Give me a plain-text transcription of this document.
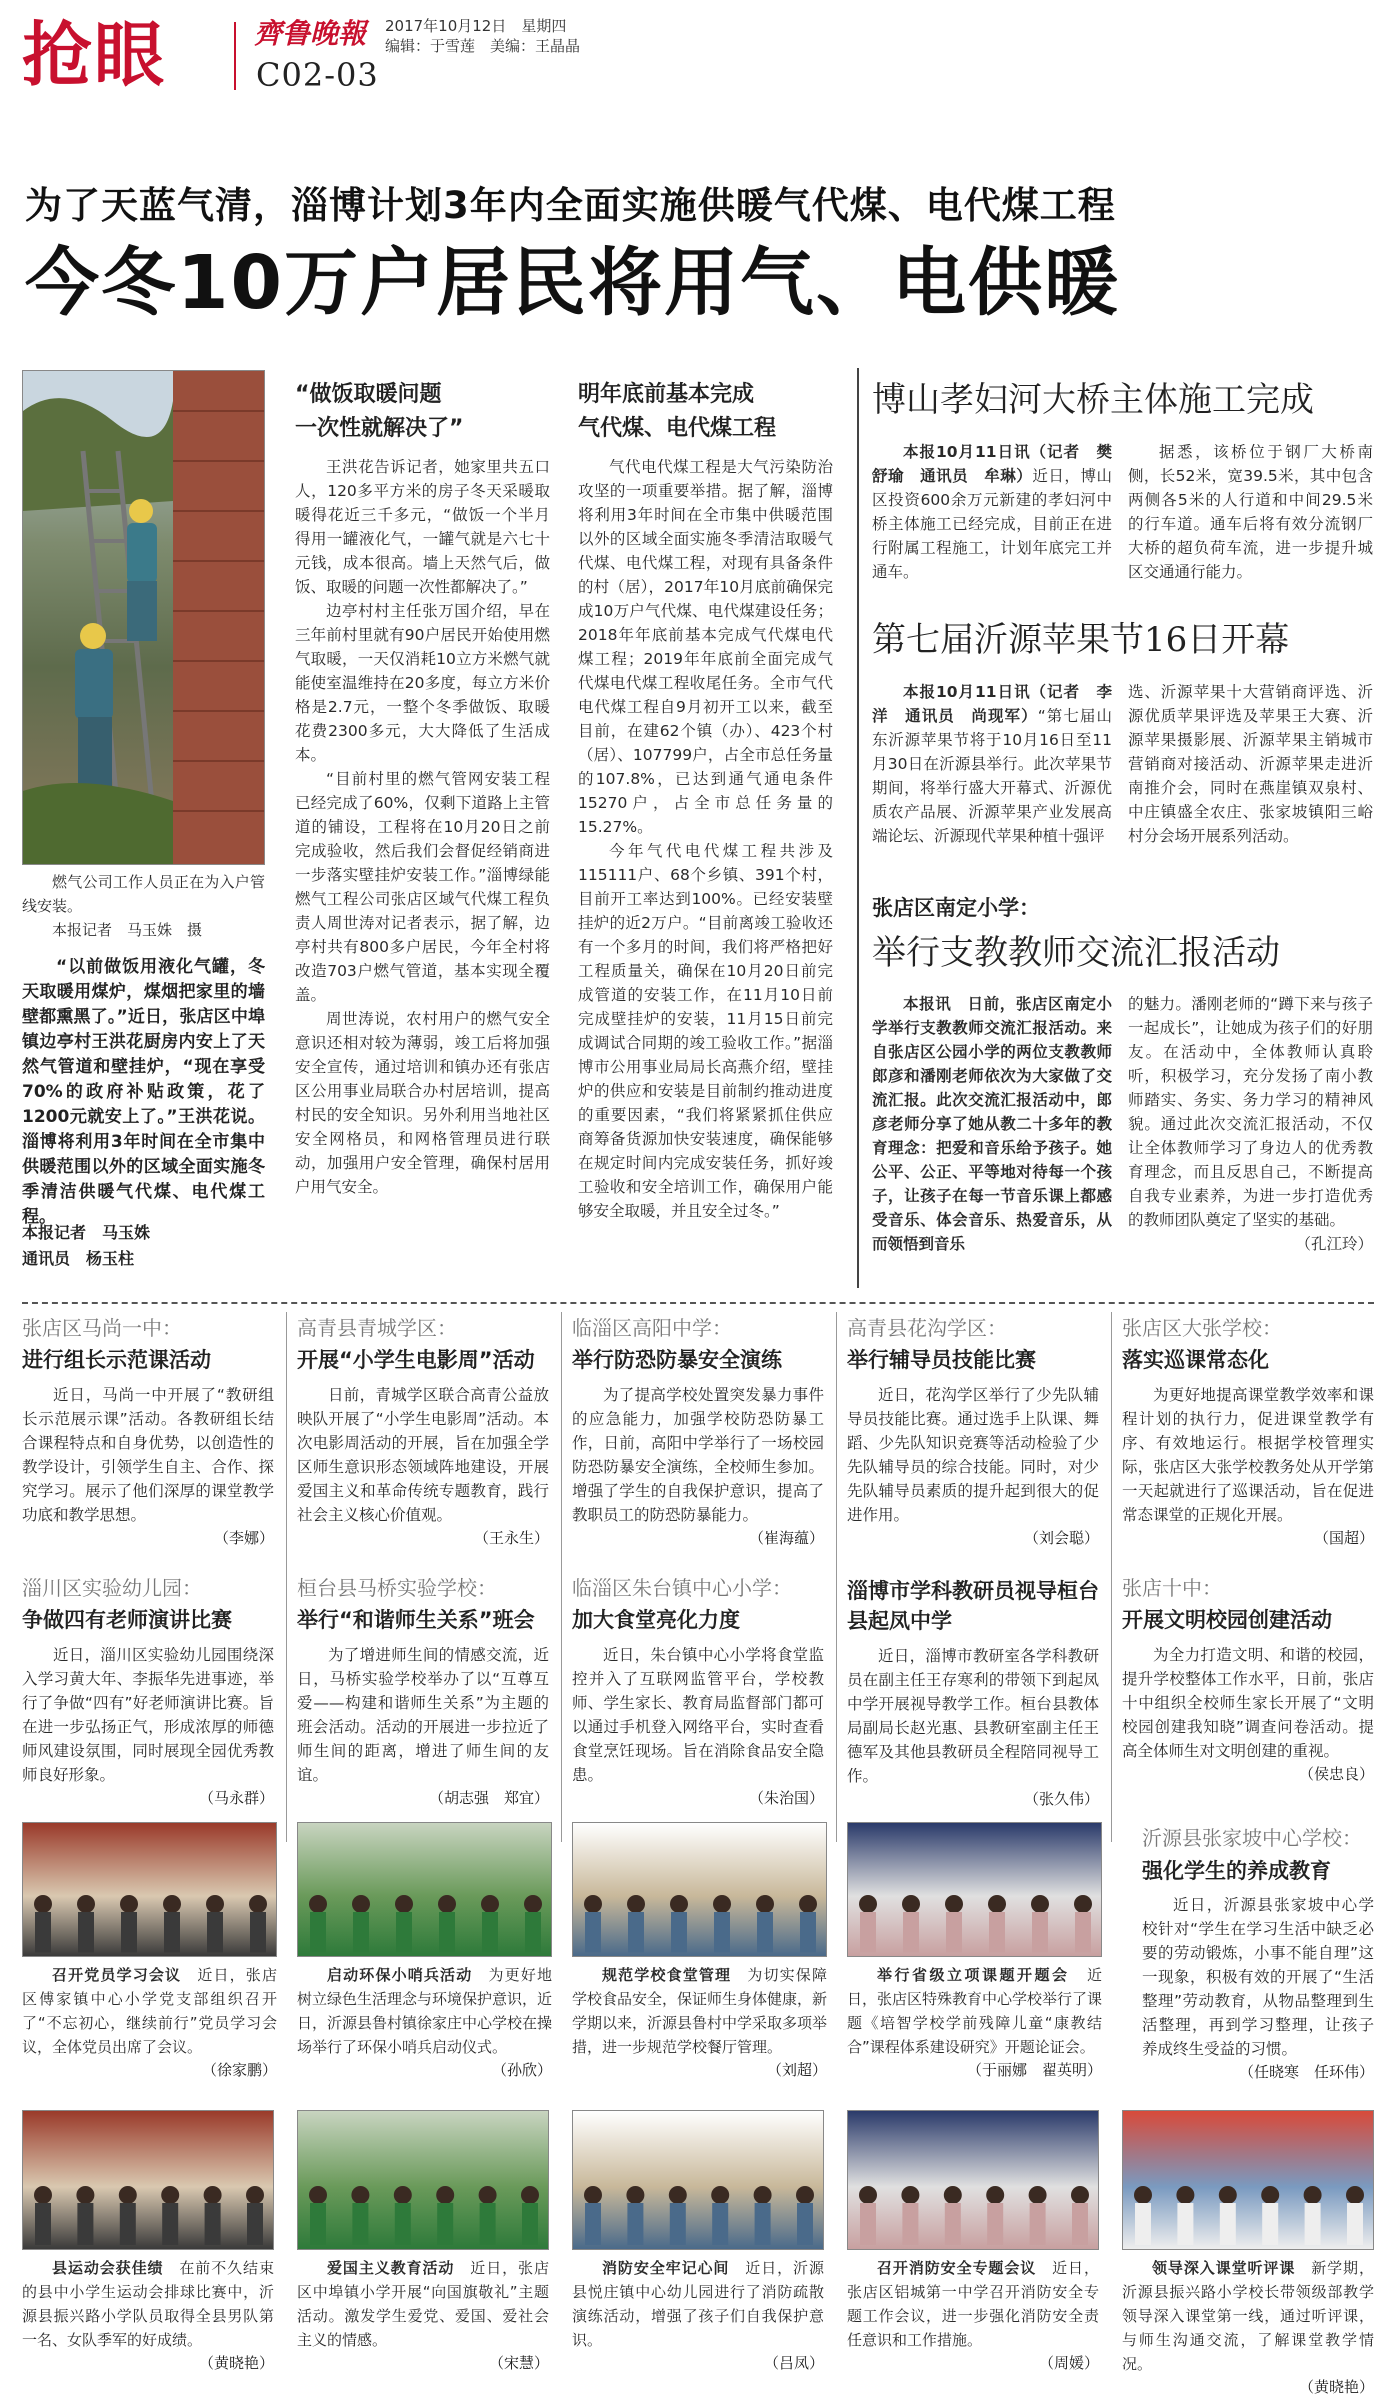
抢眼	齊鲁晚報
C02-03
2017年10月12日　 星期四
编辑：于雪莲　 美编：王晶晶
为了天蓝气清，淄博计划3年内全面实施供暖气代煤、电代煤工程
今冬10万户居民将用气、电供暖

燃气公司工作人员正在为入户管线安装。

本报记者　马玉姝　摄

“以前做饭用液化气罐，冬天取暖用煤炉，煤烟把家里的墙壁都熏黑了。”近日，张店区中埠镇边亭村王洪花厨房内安上了天然气管道和壁挂炉，“现在享受70%的政府补贴政策，花了1200元就安上了。”王洪花说。淄博将利用3年时间在全市集中供暖范围以外的区域全面实施冬季清洁供暖气代煤、电代煤工程。
本报记者　马玉姝
通讯员　杨玉柱
“做饭取暖问题
一次性就解决了”

王洪花告诉记者，她家里共五口人，120多平方米的房子冬天采暖取暖得花近三千多元，“做饭一个半月得用一罐液化气，一罐气就是六七十元钱，成本很高。墙上天然气后，做饭、取暖的问题一次性都解决了。”

边亭村村主任张万国介绍，早在三年前村里就有90户居民开始使用燃气取暖，一天仅消耗10立方米燃气就能使室温维持在20多度，每立方米价格是2.7元，一整个冬季做饭、取暖花费2300多元，大大降低了生活成本。

“目前村里的燃气管网安装工程已经完成了60%，仅剩下道路上主管道的铺设，工程将在10月20日之前完成验收，然后我们会督促经销商进一步落实壁挂炉安装工作。”淄博绿能燃气工程公司张店区域气代煤工程负责人周世涛对记者表示，据了解，边亭村共有800多户居民，今年全村将改造703户燃气管道，基本实现全覆盖。

周世涛说，农村用户的燃气安全意识还相对较为薄弱，竣工后将加强安全宣传，通过培训和镇办还有张店区公用事业局联合办村居培训，提高村民的安全知识。另外利用当地社区安全网格员，和网格管理员进行联动，加强用户安全管理，确保村居用户用气安全。

明年底前基本完成
气代煤、电代煤工程

气代电代煤工程是大气污染防治攻坚的一项重要举措。据了解，淄博将利用3年时间在全市集中供暖范围以外的区域全面实施冬季清洁取暖气代煤、电代煤工程，对现有具备条件的村（居），2017年10月底前确保完成10万户气代煤、电代煤建设任务；2018年年底前基本完成气代煤电代煤工程；2019年年底前全面完成气代煤电代煤工程收尾任务。全市气代电代煤工程自9月初开工以来，截至目前，在建62个镇（办）、423个村（居）、107799户，占全市总任务量的107.8%，已达到通气通电条件15270户，占全市总任务量的15.27%。

今年气代电代煤工程共涉及115111户、68个乡镇、391个村，目前开工率达到100%。已经安装壁挂炉的近2万户。“目前离竣工验收还有一个多月的时间，我们将严格把好工程质量关，确保在10月20日前完成管道的安装工作，在11月10日前完成壁挂炉的安装，11月15日前完成调试合同期的竣工验收工作。”据淄博市公用事业局局长高燕介绍，壁挂炉的供应和安装是目前制约推动进度的重要因素，“我们将紧紧抓住供应商筹备货源加快安装速度，确保能够在规定时间内完成安装任务，抓好竣工验收和安全培训工作，确保用户能够安全取暖，并且安全过冬。”

博山孝妇河大桥主体施工完成
本报10月11日讯（记者　樊舒瑜　通讯员　牟琳）近日，博山区投资600余万元新建的孝妇河中桥主体施工已经完成，目前正在进行附属工程施工，计划年底完工并通车。
据悉，该桥位于钢厂大桥南侧，长52米，宽39.5米，其中包含两侧各5米的人行道和中间29.5米的行车道。通车后将有效分流钢厂大桥的超负荷车流，进一步提升城区交通通行能力。
第七届沂源苹果节16日开幕
本报10月11日讯（记者　李洋　通讯员　尚现军）“第七届山东沂源苹果节将于10月16日至11月30日在沂源县举行。此次苹果节期间，将举行盛大开幕式、沂源优质农产品展、沂源苹果产业发展高端论坛、沂源现代苹果种植十强评
选、沂源苹果十大营销商评选、沂源优质苹果评选及苹果王大赛、沂源苹果摄影展、沂源苹果主销城市营销商对接活动、沂源苹果走进沂南推介会，同时在燕崖镇双泉村、中庄镇盛全农庄、张家坡镇阳三峪村分会场开展系列活动。
张店区南定小学：
举行支教教师交流汇报活动
本报讯　日前，张店区南定小学举行支教教师交流汇报活动。来自张店区公园小学的两位支教教师郎彦和潘刚老师依次为大家做了交流汇报。此次交流汇报活动中，郎彦老师分享了她从教二十多年的教育理念：把爱和音乐给予孩子。她公平、公正、平等地对待每一个孩子，让孩子在每一节音乐课上都感受音乐、体会音乐、热爱音乐，从而领悟到音乐
的魅力。潘刚老师的“蹲下来与孩子一起成长”，让她成为孩子们的好朋友。在活动中，全体教师认真聆听，积极学习，充分发扬了南小教师踏实、务实、务力学习的精神风貌。通过此次交流汇报活动，不仅让全体教师学习了身边人的优秀教育理念，而且反思自己，不断提高自我专业素养，为进一步打造优秀的教师团队奠定了坚实的基础。
（孔江玲）
张店区马尚一中：
进行组长示范课活动
近日，马尚一中开展了“教研组长示范展示课”活动。各教研组长结合课程特点和自身优势，以创造性的教学设计，引领学生自主、合作、探究学习。展示了他们深厚的课堂教学功底和教学思想。
（李娜）
高青县青城学区：
开展“小学生电影周”活动
日前，青城学区联合高青公益放映队开展了“小学生电影周”活动。本次电影周活动的开展，旨在加强全学区师生意识形态领域阵地建设，开展爱国主义和革命传统专题教育，践行社会主义核心价值观。
（王永生）
临淄区高阳中学：
举行防恐防暴安全演练
为了提高学校处置突发暴力事件的应急能力，加强学校防恐防暴工作，日前，高阳中学举行了一场校园防恐防暴安全演练，全校师生参加。增强了学生的自我保护意识，提高了教职员工的防恐防暴能力。
（崔海蕴）
高青县花沟学区：
举行辅导员技能比赛
近日，花沟学区举行了少先队辅导员技能比赛。通过选手上队课、舞蹈、少先队知识竞赛等活动检验了少先队辅导员的综合技能。同时，对少先队辅导员素质的提升起到很大的促进作用。
（刘会聪）
张店区大张学校：
落实巡课常态化
为更好地提高课堂教学效率和课程计划的执行力，促进课堂教学有序、有效地运行。根据学校管理实际，张店区大张学校教务处从开学第一天起就进行了巡课活动，旨在促进常态课堂的正规化开展。
（国超）
淄川区实验幼儿园：
争做四有老师演讲比赛
近日，淄川区实验幼儿园围绕深入学习黄大年、李振华先进事迹，举行了争做“四有”好老师演讲比赛。旨在进一步弘扬正气，形成浓厚的师德师风建设氛围，同时展现全园优秀教师良好形象。
（马永群）
桓台县马桥实验学校：
举行“和谐师生关系”班会
为了增进师生间的情感交流，近日，马桥实验学校举办了以“互尊互爱——构建和谐师生关系”为主题的班会活动。活动的开展进一步拉近了师生间的距离，增进了师生间的友谊。
（胡志强　郑宜）
临淄区朱台镇中心小学：
加大食堂亮化力度
近日，朱台镇中心小学将食堂监控并入了互联网监管平台，学校教师、学生家长、教育局监督部门都可以通过手机登入网络平台，实时查看食堂烹饪现场。旨在消除食品安全隐患。
（朱治国）
淄博市学科教研员视导桓台县起凤中学
近日，淄博市教研室各学科教研员在副主任王存寒利的带领下到起凤中学开展视导教学工作。桓台县教体局副局长赵光惠、县教研室副主任王德军及其他县教研员全程陪同视导工作。
（张久伟）
张店十中：
开展文明校园创建活动
为全力打造文明、和谐的校园，提升学校整体工作水平，日前，张店十中组织全校师生家长开展了“文明校园创建我知晓”调查问卷活动。提高全体师生对文明创建的重视。
（侯忠良）
召开党员学习会议　 近日，张店区傅家镇中心小学党支部组织召开了“不忘初心，继续前行”党员学习会议，全体党员出席了会议。
（徐家鹏）
启动环保小哨兵活动　 为更好地树立绿色生活理念与环境保护意识，近日，沂源县鲁村镇徐家庄中心学校在操场举行了环保小哨兵启动仪式。
（孙欣）
规范学校食堂管理　 为切实保障学校食品安全，保证师生身体健康，新学期以来，沂源县鲁村中学采取多项举措，进一步规范学校餐厅管理。
（刘超）
举行省级立项课题开题会　 近日，张店区特殊教育中心学校举行了课题《培智学校学前残障儿童“康教结合”课程体系建设研究》开题论证会。
（于丽娜　翟英明）
沂源县张家坡中心学校：
强化学生的养成教育
近日，沂源县张家坡中心学校针对“学生在学习生活中缺乏必要的劳动锻炼，小事不能自理”这一现象，积极有效的开展了“生活整理”劳动教育，从物品整理到生活整理，再到学习整理，让孩子养成终生受益的习惯。
（任晓寒　任环伟）
县运动会获佳绩　 在前不久结束的县中小学生运动会排球比赛中，沂源县振兴路小学队员取得全县男队第一名、女队季军的好成绩。
（黄晓艳）
爱国主义教育活动　 近日，张店区中埠镇小学开展“向国旗敬礼”主题活动。激发学生爱党、爱国、爱社会主义的情感。
（宋慧）
消防安全牢记心间　 近日，沂源县悦庄镇中心幼儿园进行了消防疏散演练活动，增强了孩子们自我保护意识。
（吕凤）
召开消防安全专题会议　 近日，张店区铝城第一中学召开消防安全专题工作会议，进一步强化消防安全责任意识和工作措施。
（周媛）
领导深入课堂听评课　 新学期，沂源县振兴路小学校长带领级部教学领导深入课堂第一线，通过听评课，与师生沟通交流，了解课堂教学情况。
（黄晓艳）
